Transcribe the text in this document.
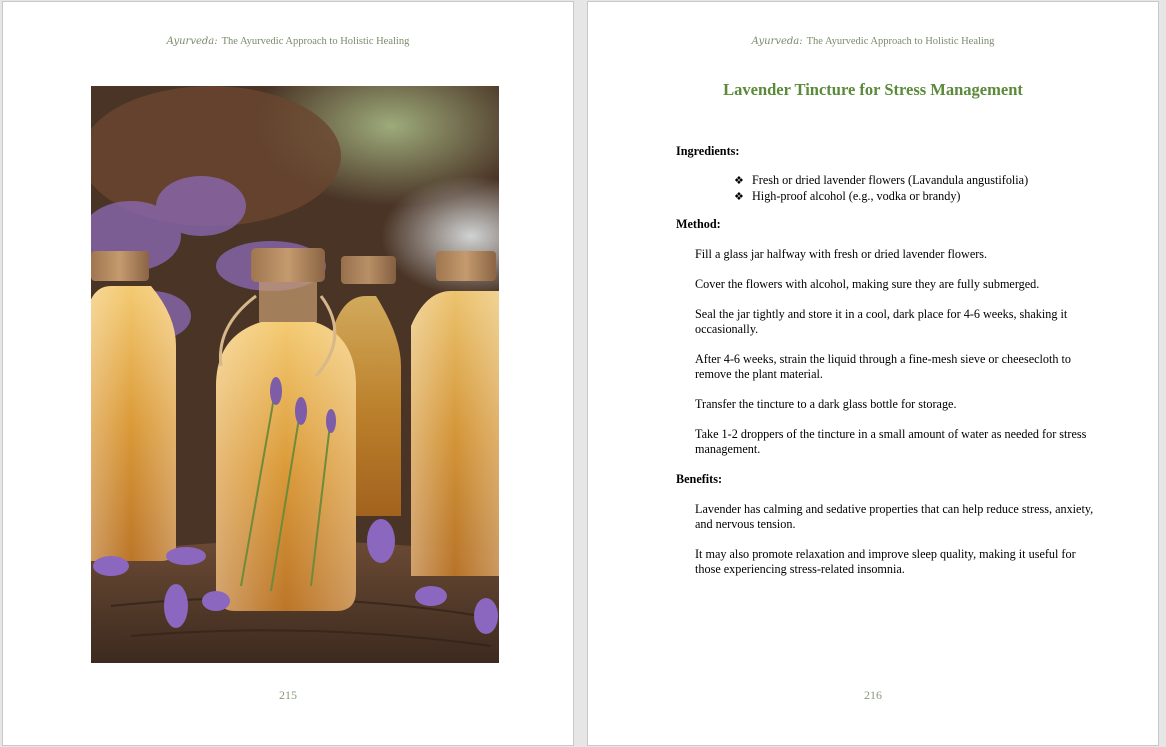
Ayurveda: The Ayurvedic Approach to Holistic Healing
215
Ayurveda: The Ayurvedic Approach to Holistic Healing
Lavender Tincture for Stress Management

Ingredients:

❖ Fresh or dried lavender flowers (Lavandula angustifolia)
❖ High-proof alcohol (e.g., vodka or brandy)

Method:

Fill a glass jar halfway with fresh or dried lavender flowers.

Cover the flowers with alcohol, making sure they are fully submerged.

Seal the jar tightly and store it in a cool, dark place for 4-6 weeks, shaking it occasionally.

After 4-6 weeks, strain the liquid through a fine-mesh sieve or cheesecloth to remove the plant material.

Transfer the tincture to a dark glass bottle for storage.

Take 1-2 droppers of the tincture in a small amount of water as needed for stress management.

Benefits:

Lavender has calming and sedative properties that can help reduce stress, anxiety, and nervous tension.

It may also promote relaxation and improve sleep quality, making it useful for those experiencing stress-related insomnia.

216
